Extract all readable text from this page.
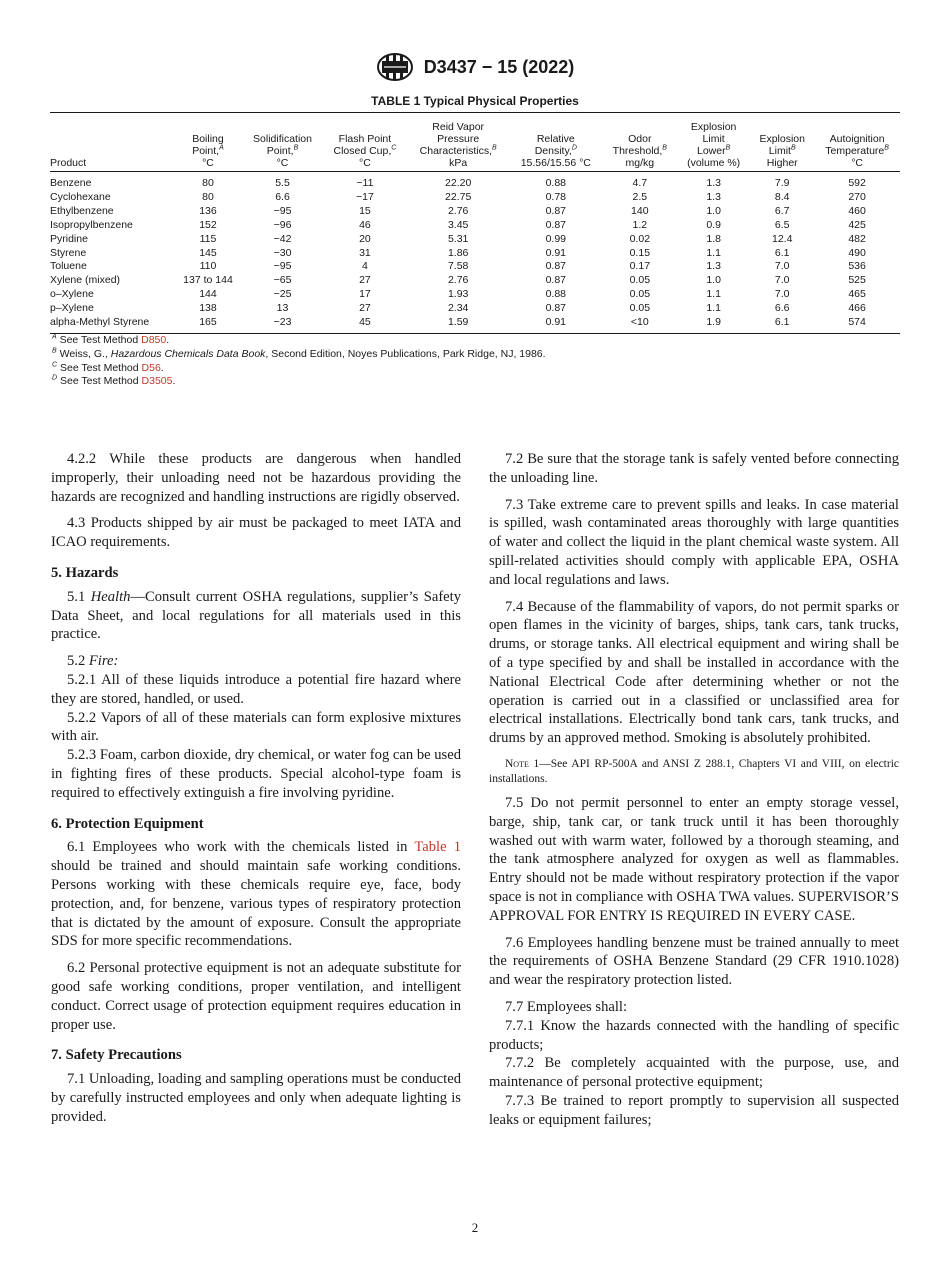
D3437 − 15 (2022)
TABLE 1 Typical Physical Properties
Product	Boiling
Point,$^A$
°C	Solidification
Point,$^B$
°C	Flash Point
Closed Cup,$^C$
°C	Reid Vapor
Pressure
Characteristics,$^B$
kPa	Relative
Density,$^D$
15.56/15.56 °C	Odor
Threshold,$^B$
mg/kg	Explosion
Limit
Lower$^B$
(volume %)	Explosion
Limit$^B$
Higher	Autoignition
Temperature$^B$
°C
Benzene	80	5.5	−11	22.20	0.88	4.7	1.3	7.9	592
Cyclohexane	80	6.6	−17	22.75	0.78	2.5	1.3	8.4	270
Ethylbenzene	136	−95	15	2.76	0.87	140	1.0	6.7	460
Isopropylbenzene	152	−96	46	3.45	0.87	1.2	0.9	6.5	425
Pyridine	115	−42	20	5.31	0.99	0.02	1.8	12.4	482
Styrene	145	−30	31	1.86	0.91	0.15	1.1	6.1	490
Toluene	110	−95	4	7.58	0.87	0.17	1.3	7.0	536
Xylene (mixed)	137 to 144	−65	27	2.76	0.87	0.05	1.0	7.0	525
o–Xylene	144	−25	17	1.93	0.88	0.05	1.1	7.0	465
p–Xylene	138	13	27	2.34	0.87	0.05	1.1	6.6	466
alpha-Methyl Styrene	165	−23	45	1.59	0.91	<10	1.9	6.1	574
$^A$ See Test Method D850.
$^B$ Weiss, G., Hazardous Chemicals Data Book, Second Edition, Noyes Publications, Park Ridge, NJ, 1986.
$^C$ See Test Method D56.
$^D$ See Test Method D3505.

4.2.2 While these products are dangerous when handled improperly, their unloading need not be hazardous providing the hazards are recognized and handling instructions are rigidly observed.

4.3 Products shipped by air must be packaged to meet IATA and ICAO requirements.

5. Hazards

5.1 Health—Consult current OSHA regulations, supplier’s Safety Data Sheet, and local regulations for all materials used in this practice.

5.2 Fire:

5.2.1 All of these liquids introduce a potential fire hazard where they are stored, handled, or used.

5.2.2 Vapors of all of these materials can form explosive mixtures with air.

5.2.3 Foam, carbon dioxide, dry chemical, or water fog can be used in fighting fires of these products. Special alcohol-type foam is required to effectively extinguish a fire involving pyridine.

6. Protection Equipment

6.1 Employees who work with the chemicals listed in Table 1 should be trained and should maintain safe working conditions. Persons working with these chemicals require eye, face, body protection, and, for benzene, various types of respiratory protection that is dictated by the amount of exposure. Consult the appropriate SDS for more specific recommendations.

6.2 Personal protective equipment is not an adequate substitute for good safe working conditions, proper ventilation, and intelligent conduct. Correct usage of protection equipment requires education in proper use.

7. Safety Precautions

7.1 Unloading, loading and sampling operations must be conducted by carefully instructed employees and only when adequate lighting is provided.

7.2 Be sure that the storage tank is safely vented before connecting the unloading line.

7.3 Take extreme care to prevent spills and leaks. In case material is spilled, wash contaminated areas thoroughly with large quantities of water and collect the liquid in the plant chemical waste system. All spill-related activities should comply with applicable EPA, OSHA and local regulations and laws.

7.4 Because of the flammability of vapors, do not permit sparks or open flames in the vicinity of barges, ships, tank cars, tank trucks, drums, or storage tanks. All electrical equipment and wiring shall be of a type specified by and shall be installed in accordance with the National Electrical Code after determining whether or not the operation is carried out in a classified or unclassified area for electrical installations. Electrically bond tank cars, tank trucks, and drums by an approved method. Smoking is absolutely prohibited.

Note 1—See API RP-500A and ANSI Z 288.1, Chapters VI and VIII, on electric installations.

7.5 Do not permit personnel to enter an empty storage vessel, barge, ship, tank car, or tank truck until it has been thoroughly washed out with warm water, followed by a thorough steaming, and the tank atmosphere analyzed for oxygen as well as flammables. Entry should not be made without respiratory protection if the vapor space is not in compliance with OSHA TWA values. SUPERVISOR’S APPROVAL FOR ENTRY IS REQUIRED IN EVERY CASE.

7.6 Employees handling benzene must be trained annually to meet the requirements of OSHA Benzene Standard (29 CFR 1910.1028) and wear the respiratory protection listed.

7.7 Employees shall:

7.7.1 Know the hazards connected with the handling of specific products;

7.7.2 Be completely acquainted with the purpose, use, and maintenance of personal protective equipment;

7.7.3 Be trained to report promptly to supervision all suspected leaks or equipment failures;

2
